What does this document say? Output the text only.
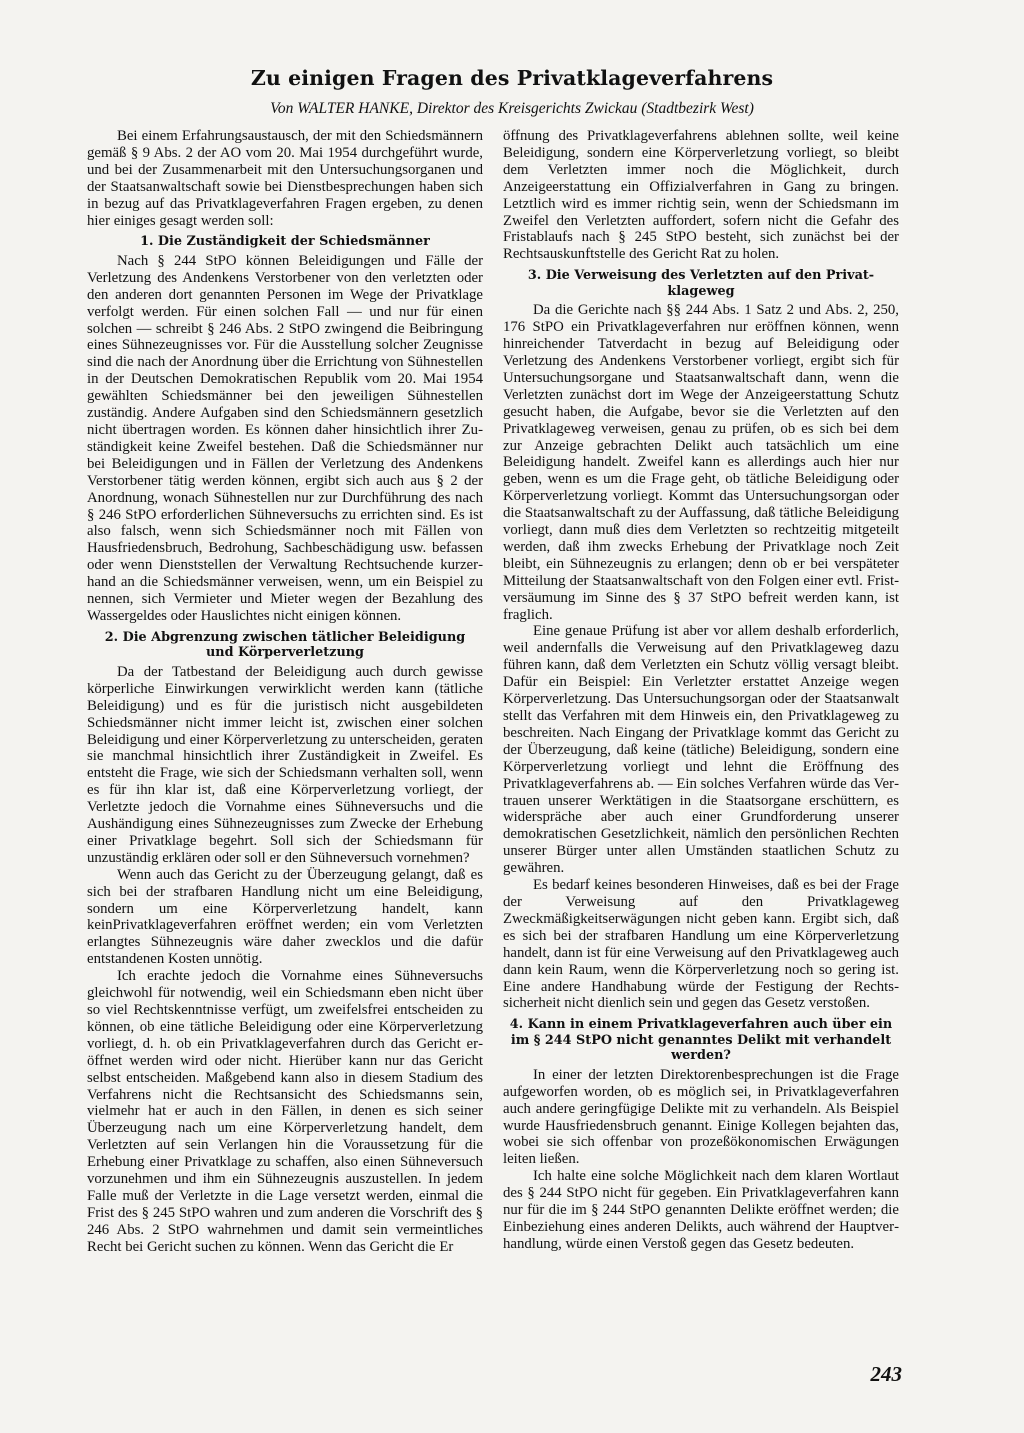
Zu einigen Fragen des Privatklageverfahrens
Von WALTER HANKE, Direktor des Kreisgerichts Zwickau (Stadtbezirk West)

Bei einem Erfahrungsaustausch, der mit den Schiedsmännern gemäß § 9 Abs. 2 der AO vom 20. Mai 1954 durchgeführt wurde, und bei der Zusammenarbeit mit den Untersuchungsorganen und der Staatsanwaltschaft sowie bei Dienstbesprechungen haben sich in bezug auf das Privatklageverfahren Fragen ergeben, zu denen hier einiges gesagt werden soll:

1. Die Zuständigkeit der Schiedsmänner

Nach § 244 StPO können Beleidigungen und Fälle der Verletzung des Andenkens Verstorbener von den verletzten oder den anderen dort genannten Personen im Wege der Privatklage verfolgt werden. Für einen solchen Fall — und nur für einen solchen — schreibt § 246 Abs. 2 StPO zwingend die Beibringung eines Sühnezeugnisses vor. Für die Ausstellung solcher Zeugnisse sind die nach der Anordnung über die Errichtung von Sühnestellen in der Deutschen Demokratischen Republik vom 20. Mai 1954 gewählten Schiedsmänner bei den jeweiligen Sühnestellen zuständig. Andere Aufgaben sind den Schiedsmännern gesetzlich nicht übertragen worden. Es können daher hinsichtlich ihrer Zuständigkeit keine Zweifel bestehen. Daß die Schiedsmänner nur bei Beleidigungen und in Fällen der Verletzung des Andenkens Verstorbener tätig werden können, ergibt sich auch aus § 2 der Anordnung, wonach Sühnestellen nur zur Durchführung des nach § 246 StPO erforderlichen Sühneversuchs zu errichten sind. Es ist also falsch, wenn sich Schiedsmänner noch mit Fällen von Hausfriedensbruch, Bedrohung, Sachbeschädigung usw. befassen oder wenn Dienststellen der Verwaltung Rechtsuchende kurzerhand an die Schiedsmänner verweisen, wenn, um ein Beispiel zu nennen, sich Vermieter und Mieter wegen der Bezahlung des Wassergeldes oder Hauslichtes nicht einigen können.

2. Die Abgrenzung zwischen tätlicher Beleidigung und Körperverletzung

Da der Tatbestand der Beleidigung auch durch gewisse körperliche Einwirkungen verwirklicht werden kann (tätliche Beleidigung) und es für die juristisch nicht ausgebildeten Schiedsmänner nicht immer leicht ist, zwischen einer solchen Beleidigung und einer Körperverletzung zu unterscheiden, geraten sie manchmal hinsichtlich ihrer Zuständigkeit in Zweifel. Es entsteht die Frage, wie sich der Schiedsmann verhalten soll, wenn es für ihn klar ist, daß eine Körperverletzung vorliegt, der Verletzte jedoch die Vornahme eines Sühneversuchs und die Aushändigung eines Sühnezeugnisses zum Zwecke der Erhebung einer Privatklage begehrt. Soll sich der Schiedsmann für unzuständig erklären oder soll er den Sühneversuch vornehmen?

Wenn auch das Gericht zu der Überzeugung gelangt, daß es sich bei der strafbaren Handlung nicht um eine Beleidigung, sondern um eine Körperverletzung handelt, kann keinPrivatklageverfahren eröffnet werden; ein vom Verletzten erlangtes Sühnezeugnis wäre daher zwecklos und die dafür entstandenen Kosten unnötig.

Ich erachte jedoch die Vornahme eines Sühneversuchs gleichwohl für notwendig, weil ein Schiedsmann eben nicht über so viel Rechtskenntnisse verfügt, um zweifelsfrei entscheiden zu können, ob eine tätliche Beleidigung oder eine Körperverletzung vorliegt, d. h. ob ein Privatklageverfahren durch das Gericht eröffnet werden wird oder nicht. Hierüber kann nur das Gericht selbst entscheiden. Maßgebend kann also in diesem Stadium des Verfahrens nicht die Rechtsansicht des Schiedsmanns sein, vielmehr hat er auch in den Fällen, in denen es sich seiner Überzeugung nach um eine Körperverletzung handelt, dem Verletzten auf sein Verlangen hin die Voraussetzung für die Erhebung einer Privatklage zu schaffen, also einen Sühneversuch vorzunehmen und ihm ein Sühnezeugnis auszustellen. In jedem Falle muß der Verletzte in die Lage versetzt werden, einmal die Frist des § 245 StPO wahren und zum anderen die Vorschrift des § 246 Abs. 2 StPO wahrnehmen und damit sein vermeintliches Recht bei Gericht suchen zu können. Wenn das Gericht die Er

öffnung des Privatklageverfahrens ablehnen sollte, weil keine Beleidigung, sondern eine Körperverletzung vorliegt, so bleibt dem Verletzten immer noch die Möglichkeit, durch Anzeigeerstattung ein Offizialverfahren in Gang zu bringen. Letztlich wird es immer richtig sein, wenn der Schiedsmann im Zweifel den Verletzten auffordert, sofern nicht die Gefahr des Fristablaufs nach § 245 StPO besteht, sich zunächst bei der Rechtsauskunftstelle des Gericht Rat zu holen.

3. Die Verweisung des Verletzten auf den Privatklageweg

Da die Gerichte nach §§ 244 Abs. 1 Satz 2 und Abs. 2, 250, 176 StPO ein Privatklageverfahren nur eröffnen können, wenn hinreichender Tatverdacht in bezug auf Beleidigung oder Verletzung des Andenkens Verstorbener vorliegt, ergibt sich für Untersuchungsorgane und Staatsanwaltschaft dann, wenn die Verletzten zunächst dort im Wege der Anzeigeerstattung Schutz gesucht haben, die Aufgabe, bevor sie die Verletzten auf den Privatklageweg verweisen, genau zu prüfen, ob es sich bei dem zur Anzeige gebrachten Delikt auch tatsächlich um eine Beleidigung handelt. Zweifel kann es allerdings auch hier nur geben, wenn es um die Frage geht, ob tätliche Beleidigung oder Körperverletzung vorliegt. Kommt das Untersuchungsorgan oder die Staatsanwaltschaft zu der Auffassung, daß tätliche Beleidigung vorliegt, dann muß dies dem Verletzten so rechtzeitig mitgeteilt werden, daß ihm zwecks Erhebung der Privatklage noch Zeit bleibt, ein Sühnezeugnis zu erlangen; denn ob er bei verspäteter Mitteilung der Staatsanwaltschaft von den Folgen einer evtl. Fristversäumung im Sinne des § 37 StPO befreit werden kann, ist fraglich.

Eine genaue Prüfung ist aber vor allem deshalb erforderlich, weil andernfalls die Verweisung auf den Privatklageweg dazu führen kann, daß dem Verletzten ein Schutz völlig versagt bleibt. Dafür ein Beispiel: Ein Verletzter erstattet Anzeige wegen Körperverletzung. Das Untersuchungsorgan oder der Staatsanwalt stellt das Verfahren mit dem Hinweis ein, den Privatklageweg zu beschreiten. Nach Eingang der Privatklage kommt das Gericht zu der Überzeugung, daß keine (tätliche) Beleidigung, sondern eine Körperverletzung vorliegt und lehnt die Eröffnung des Privatklageverfahrens ab. — Ein solches Verfahren würde das Vertrauen unserer Werktätigen in die Staatsorgane erschüttern, es widerspräche aber auch einer Grundforderung unserer demokratischen Gesetzlichkeit, nämlich den persönlichen Rechten unserer Bürger unter allen Umständen staatlichen Schutz zu gewähren.

Es bedarf keines besonderen Hinweises, daß es bei der Frage der Verweisung auf den Privatklageweg Zweckmäßigkeitserwägungen nicht geben kann. Ergibt sich, daß es sich bei der strafbaren Handlung um eine Körperverletzung handelt, dann ist für eine Verweisung auf den Privatklageweg auch dann kein Raum, wenn die Körperverletzung noch so gering ist. Eine andere Handhabung würde der Festigung der Rechtssicherheit nicht dienlich sein und gegen das Gesetz verstoßen.

4. Kann in einem Privatklageverfahren auch über ein im § 244 StPO nicht genanntes Delikt mit verhandelt werden?

In einer der letzten Direktorenbesprechungen ist die Frage aufgeworfen worden, ob es möglich sei, in Privatklageverfahren auch andere geringfügige Delikte mit zu verhandeln. Als Beispiel wurde Hausfriedensbruch genannt. Einige Kollegen bejahten das, wobei sie sich offenbar von prozeßökonomischen Erwägungen leiten ließen.

Ich halte eine solche Möglichkeit nach dem klaren Wortlaut des § 244 StPO nicht für gegeben. Ein Privatklageverfahren kann nur für die im § 244 StPO genannten Delikte eröffnet werden; die Einbeziehung eines anderen Delikts, auch während der Hauptverhandlung, würde einen Verstoß gegen das Gesetz bedeuten.

243
